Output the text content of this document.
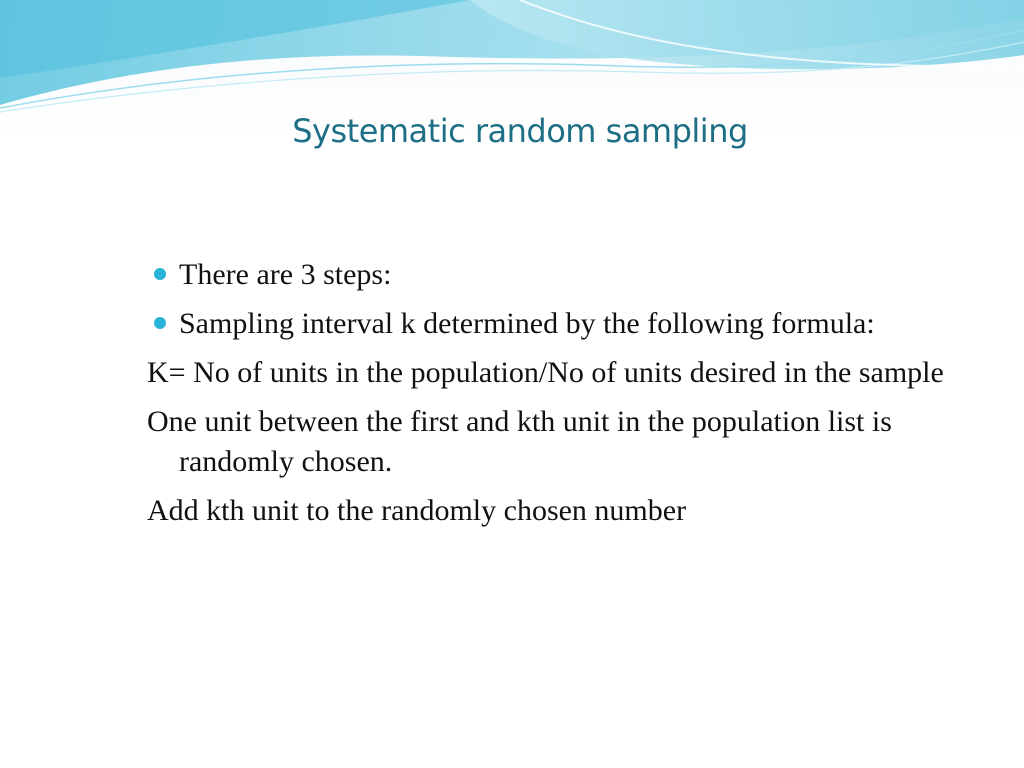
Systematic random sampling
There are 3 steps:
Sampling interval k determined by the following formula:
K= No of units in the population/No of units desired in the sample
One unit between the first and kth unit in the population list is randomly chosen.
Add kth unit to the randomly chosen number
